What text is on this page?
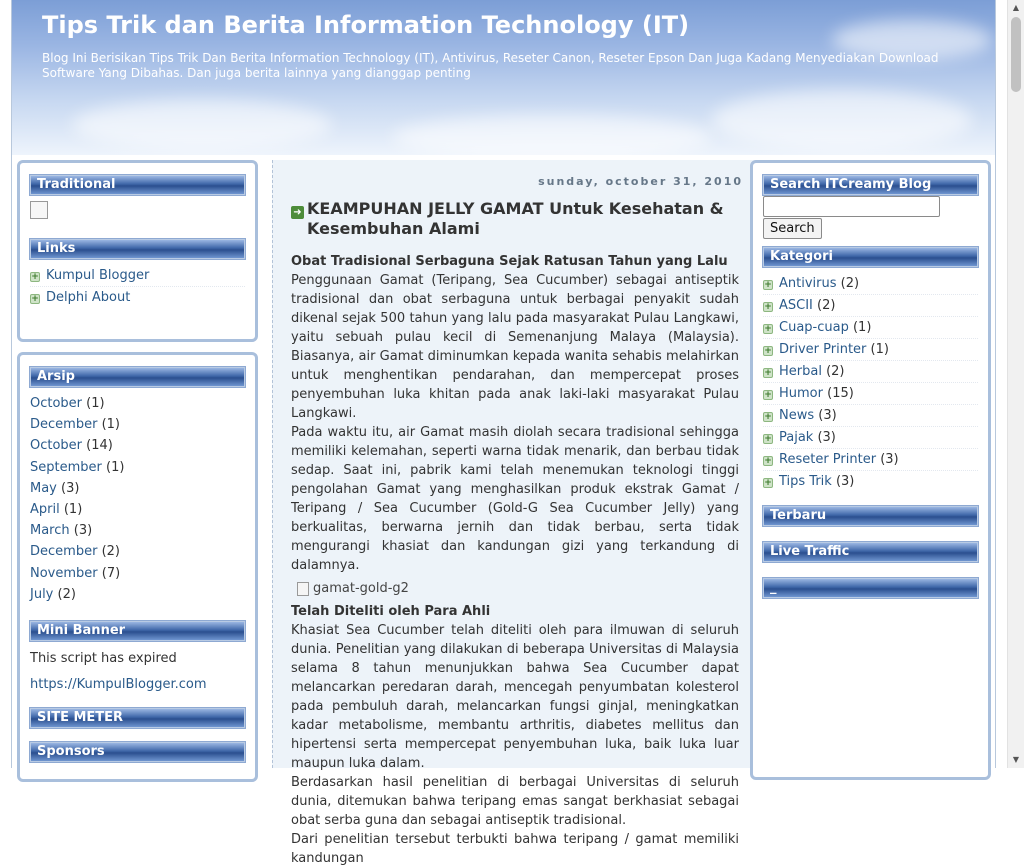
Tips Trik dan Berita Information Technology (IT)
Blog Ini Berisikan Tips Trik Dan Berita Information Technology (IT), Antivirus, Reseter Canon, Reseter Epson Dan Juga Kadang Menyediakan Download Software Yang Dibahas. Dan juga berita lainnya yang dianggap penting
Traditional
Links
+ Kumpul Blogger
+ Delphi About
Arsip
October (1)
December (1)
October (14)
September (1)
May (3)
April (1)
March (3)
December (2)
November (7)
July (2)
Mini Banner
This script has expired
https://KumpulBlogger.com
SITE METER
Sponsors
sunday, october 31, 2010
➜ KEAMPUHAN JELLY GAMAT Untuk Kesehatan & Kesembuhan Alami
Obat Tradisional Serbaguna Sejak Ratusan Tahun yang Lalu
Penggunaan Gamat (Teripang, Sea Cucumber) sebagai antiseptik tradisional dan obat serbaguna untuk berbagai penyakit sudah dikenal sejak 500 tahun yang lalu pada masyarakat Pulau Langkawi, yaitu sebuah pulau kecil di Semenanjung Malaya (Malaysia). Biasanya, air Gamat diminumkan kepada wanita sehabis melahirkan untuk menghentikan pendarahan, dan mempercepat proses penyembuhan luka khitan pada anak laki-laki masyarakat Pulau Langkawi.
Pada waktu itu, air Gamat masih diolah secara tradisional sehingga memiliki kelemahan, seperti warna tidak menarik, dan berbau tidak sedap. Saat ini, pabrik kami telah menemukan teknologi tinggi pengolahan Gamat yang menghasilkan produk ekstrak Gamat / Teripang / Sea Cucumber (Gold-G Sea Cucumber Jelly) yang berkualitas, berwarna jernih dan tidak berbau, serta tidak mengurangi khasiat dan kandungan gizi yang terkandung di dalamnya.
gamat-gold-g2
Telah Diteliti oleh Para Ahli
Khasiat Sea Cucumber telah diteliti oleh para ilmuwan di seluruh dunia. Penelitian yang dilakukan di beberapa Universitas di Malaysia selama 8 tahun menunjukkan bahwa Sea Cucumber dapat melancarkan peredaran darah, mencegah penyumbatan kolesterol pada pembuluh darah, melancarkan fungsi ginjal, meningkatkan kadar metabolisme, membantu arthritis, diabetes mellitus dan hipertensi serta mempercepat penyembuhan luka, baik luka luar maupun luka dalam.
Berdasarkan hasil penelitian di berbagai Universitas di seluruh dunia, ditemukan bahwa teripang emas sangat berkhasiat sebagai obat serba guna dan sebagai antiseptik tradisional.
Dari penelitian tersebut terbukti bahwa teripang / gamat memiliki kandungan
Search ITCreamy Blog

Search
Kategori
+ Antivirus (2)
+ ASCII (2)
+ Cuap-cuap (1)
+ Driver Printer (1)
+ Herbal (2)
+ Humor (15)
+ News (3)
+ Pajak (3)
+ Reseter Printer (3)
+ Tips Trik (3)
Terbaru
Live Traffic
_
▲
▼
